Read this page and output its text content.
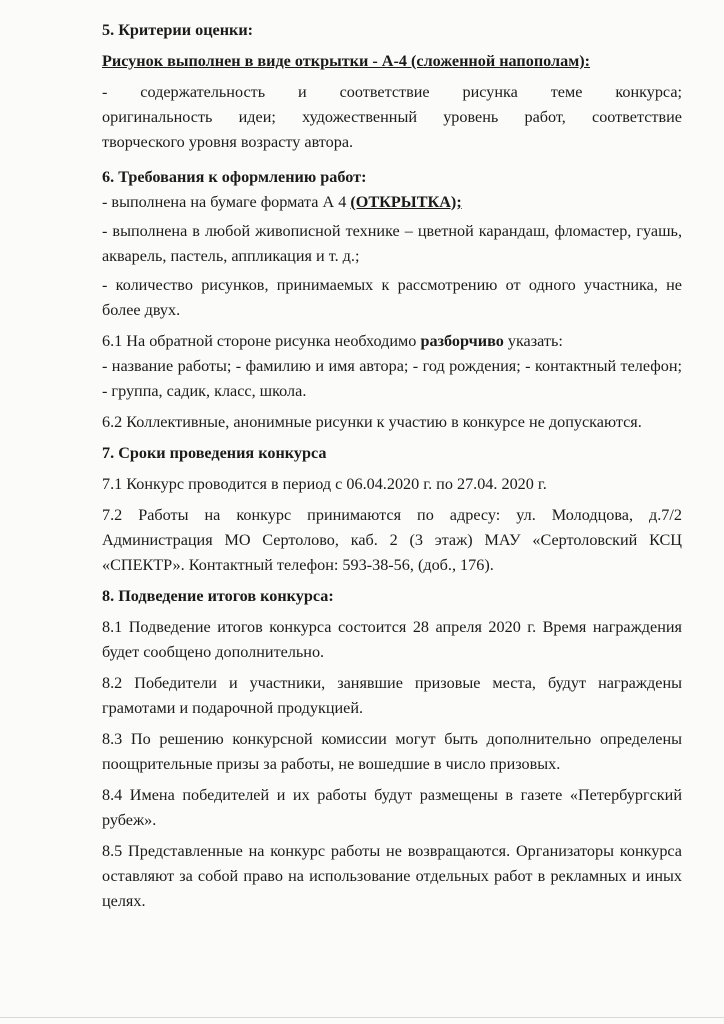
5. Критерии оценки:

Рисунок выполнен в виде открытки - А-4 (сложенной напополам):

- содержательность и соответствие рисунка теме конкурса;
оригинальность идеи; художественный уровень работ, соответствие
творческого уровня возрасту автора.

6. Требования к оформлению работ:

- выполнена на бумаге формата А 4 (ОТКРЫТКА);

- выполнена в любой живописной технике – цветной карандаш, фломастер, гуашь, акварель, пастель, аппликация и т. д.;

- количество рисунков, принимаемых к рассмотрению от одного участника, не более двух.

6.1 На обратной стороне рисунка необходимо разборчиво указать:

- название работы; - фамилию и имя автора; - год рождения; - контактный телефон; - группа, садик, класс, школа.

6.2 Коллективные, анонимные рисунки к участию в конкурсе не допускаются.

7. Сроки проведения конкурса

7.1 Конкурс проводится в период с 06.04.2020 г. по 27.04. 2020 г.

7.2 Работы на конкурс принимаются по адресу: ул. Молодцова, д.7/2 Администрация МО Сертолово, каб. 2 (3 этаж) МАУ «Сертоловский КСЦ «СПЕКТР». Контактный телефон: 593-38-56, (доб., 176).

8. Подведение итогов конкурса:

8.1 Подведение итогов конкурса состоится 28 апреля 2020 г. Время награждения будет сообщено дополнительно.

8.2 Победители и участники, занявшие призовые места, будут награждены грамотами и подарочной продукцией.

8.3 По решению конкурсной комиссии могут быть дополнительно определены поощрительные призы за работы, не вошедшие в число призовых.

8.4 Имена победителей и их работы будут размещены в газете «Петербургский рубеж».

8.5 Представленные на конкурс работы не возвращаются. Организаторы конкурса оставляют за собой право на использование отдельных работ в рекламных и иных целях.
